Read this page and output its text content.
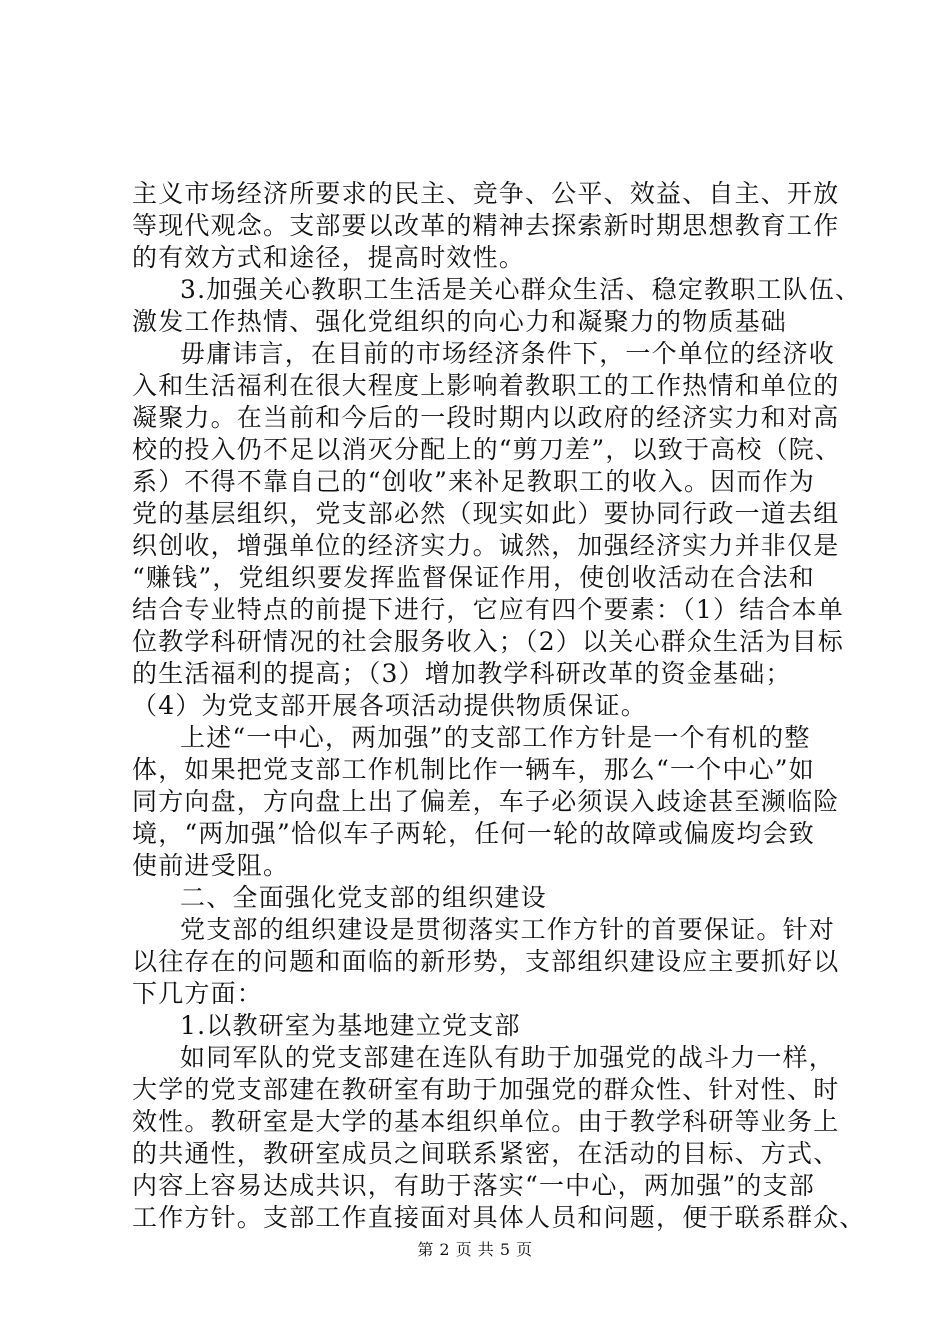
主义市场经济所要求的民主、竞争、公平、效益、自主、开放
等现代观念。支部要以改革的精神去探索新时期思想教育工作
的有效方式和途径，提高时效性。
3.加强关心教职工生活是关心群众生活、稳定教职工队伍、
激发工作热情、强化党组织的向心力和凝聚力的物质基础
毋庸讳言，在目前的市场经济条件下，一个单位的经济收
入和生活福利在很大程度上影响着教职工的工作热情和单位的
凝聚力。在当前和今后的一段时期内以政府的经济实力和对高
校的投入仍不足以消灭分配上的“剪刀差”，以致于高校（院、
系）不得不靠自己的“创收”来补足教职工的收入。因而作为
党的基层组织，党支部必然（现实如此）要协同行政一道去组
织创收，增强单位的经济实力。诚然，加强经济实力并非仅是
“赚钱”，党组织要发挥监督保证作用，使创收活动在合法和
结合专业特点的前提下进行，它应有四个要素：（1）结合本单
位教学科研情况的社会服务收入；（2）以关心群众生活为目标
的生活福利的提高；（3）增加教学科研改革的资金基础；
（4）为党支部开展各项活动提供物质保证。
上述“一中心，两加强”的支部工作方针是一个有机的整
体，如果把党支部工作机制比作一辆车，那么“一个中心”如
同方向盘，方向盘上出了偏差，车子必须误入歧途甚至濒临险
境，“两加强”恰似车子两轮，任何一轮的故障或偏废均会致
使前进受阻。
二、全面强化党支部的组织建设
党支部的组织建设是贯彻落实工作方针的首要保证。针对
以往存在的问题和面临的新形势，支部组织建设应主要抓好以
下几方面：
1.以教研室为基地建立党支部
如同军队的党支部建在连队有助于加强党的战斗力一样，
大学的党支部建在教研室有助于加强党的群众性、针对性、时
效性。教研室是大学的基本组织单位。由于教学科研等业务上
的共通性，教研室成员之间联系紧密，在活动的目标、方式、
内容上容易达成共识，有助于落实“一中心，两加强”的支部
工作方针。支部工作直接面对具体人员和问题，便于联系群众、
第 2 页 共 5 页
